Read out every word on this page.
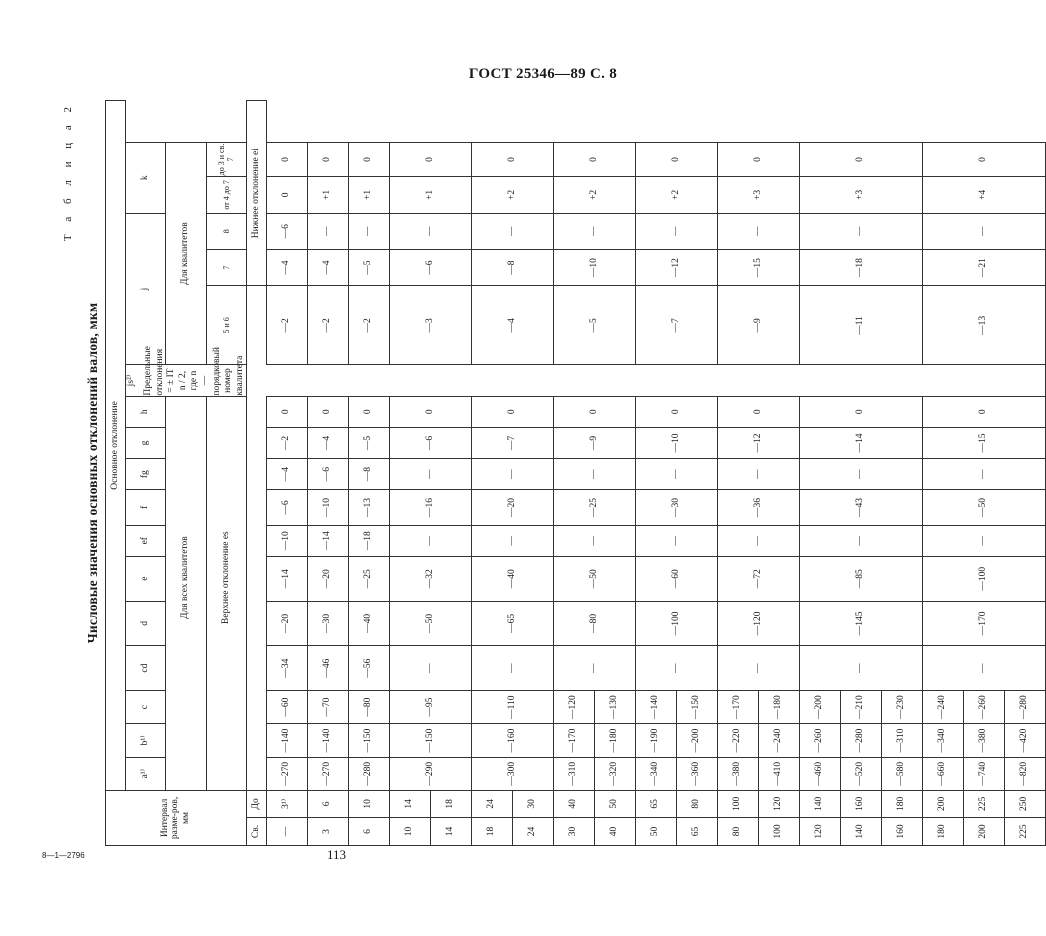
ГОСТ 25346—89 С. 8
Т а б л и ц а 2
Числовые значения основных отклонений валов, мкм
Интервал разме-ров, мм		Основное отклонение																
		a¹⁾	b¹⁾	c	cd	d	e	ef	f	fg	g	h	js²⁾ Предельные отклонения = ± IT n / 2, где n — порядковый номер квалитета	j			k	
		Для всех квалитетов												Для квалитетов				
		Верхнее отклонение es												5 и 6	7	8	от 4 до 7	до 3 и св. 7
Св.	До														Нижнее отклонение ei			
—	3¹⁾	—270	—140	—60	—34	—20	—14	—10	—6	—4	—2	0		—2	—4	—6	0	0
3	6	—270	—140	—70	—46	—30	—20	—14	—10	—6	—4	0		—2	—4	—	+1	0
6	10	—280	—150	—80	—56	—40	—25	—18	—13	—8	—5	0		—2	—5	—	+1	0
10	14	—290	—150	—95	—	—50	—32	—	—16	—	—6	0		—3	—6	—	+1	0
14	18																	
18	24	—300	—160	—110	—	—65	—40	—	—20	—	—7	0		—4	—8	—	+2	0
24	30																	
30	40	—310	—170	—120	—	—80	—50	—	—25	—	—9	0		—5	—10	—	+2	0
40	50	—320	—180	—130														
50	65	—340	—190	—140	—	—100	—60	—	—30	—	—10	0		—7	—12	—	+2	0
65	80	—360	—200	—150														
80	100	—380	—220	—170	—	—120	—72	—	—36	—	—12	0		—9	—15	—	+3	0
100	120	—410	—240	—180														
120	140	—460	—260	—200	—	—145	—85	—	—43	—	—14	0		—11	—18	—	+3	0
140	160	—520	—280	—210														
160	180	—580	—310	—230														
180	200	—660	—340	—240	—	—170	—100	—	—50	—	—15	0		—13	—21	—	+4	0
200	225	—740	—380	—260														
225	250	—820	—420	—280														
8—1—2796	113
